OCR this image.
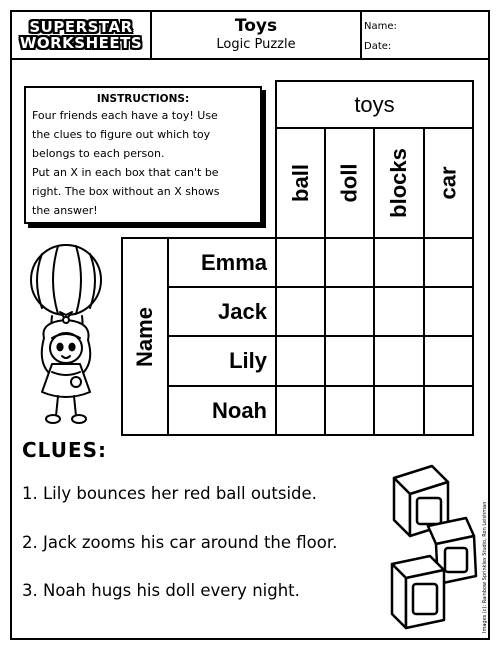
SUPERSTAR
WORKSHEETS
Toys
Logic Puzzle
Name:
Date:
INSTRUCTIONS:
Four friends each have a toy! Use
the clues to figure out which toy
belongs to each person.
Put an X in each box that can't be
right. The box without an X shows
the answer!
toys
ball doll blocks car
Name
Emma
Jack
Lily
Noah
CLUES:
1. Lily bounces her red ball outside.
2. Jack zooms his car around the floor.
3. Noah hugs his doll every night.	Images (c): Rainbow Sprinkles Studio, Ron Leishman
